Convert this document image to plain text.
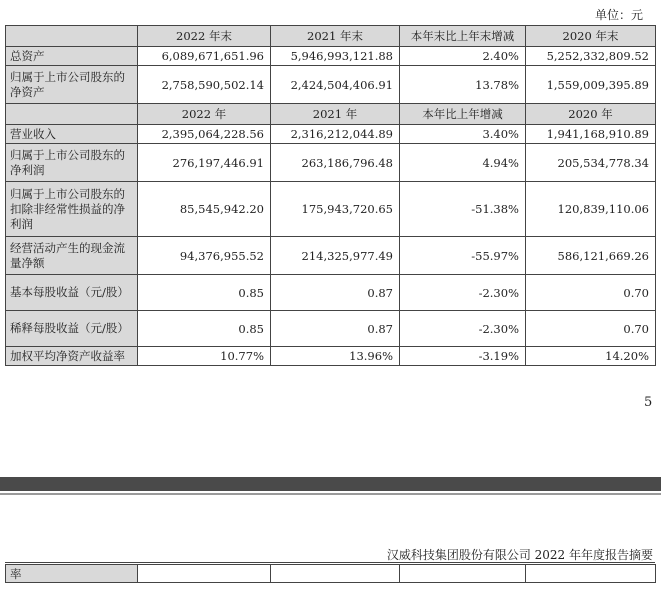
单位：元
	2022 年末	2021 年末	本年末比上年末增减	2020 年末
总资产	6,089,671,651.96	5,946,993,121.88	2.40%	5,252,332,809.52
归属于上市公司股东的净资产	2,758,590,502.14	2,424,504,406.91	13.78%	1,559,009,395.89
	2022 年	2021 年	本年比上年增减	2020 年
营业收入	2,395,064,228.56	2,316,212,044.89	3.40%	1,941,168,910.89
归属于上市公司股东的净利润	276,197,446.91	263,186,796.48	4.94%	205,534,778.34
归属于上市公司股东的扣除非经常性损益的净利润	85,545,942.20	175,943,720.65	-51.38%	120,839,110.06
经营活动产生的现金流量净额	94,376,955.52	214,325,977.49	-55.97%	586,121,669.26
基本每股收益（元/股）	0.85	0.87	-2.30%	0.70
稀释每股收益（元/股）	0.85	0.87	-2.30%	0.70
加权平均净资产收益率	10.77%	13.96%	-3.19%	14.20%
5
汉威科技集团股份有限公司 2022 年年度报告摘要
率				
